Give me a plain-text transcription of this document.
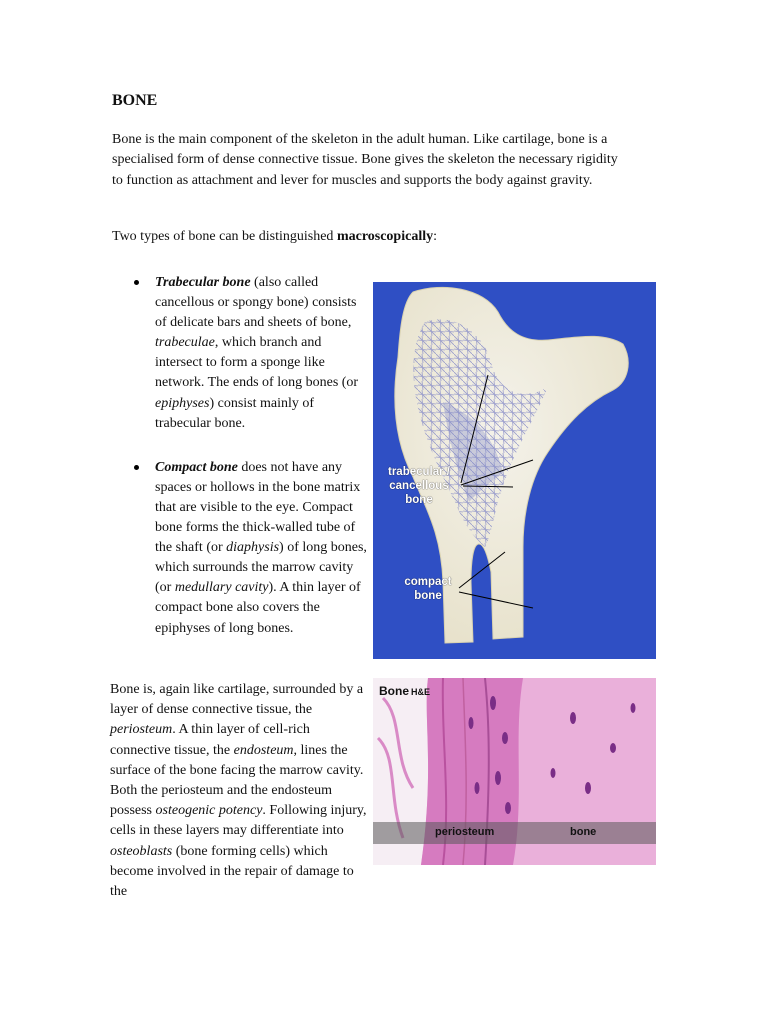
BONE

Bone is the main component of the skeleton in the adult human. Like cartilage, bone is a specialised form of dense connective tissue. Bone gives the skeleton the necessary rigidity to function as attachment and lever for muscles and supports the body against gravity.

Two types of bone can be distinguished macroscopically:

Trabecular bone (also called cancellous or spongy bone) consists of delicate bars and sheets of bone, trabeculae, which branch and intersect to form a sponge like network. The ends of long bones (or epiphyses) consist mainly of trabecular bone.
Compact bone does not have any spaces or hollows in the bone matrix that are visible to the eye. Compact bone forms the thick-walled tube of the shaft (or diaphysis) of long bones, which surrounds the marrow cavity (or medullary cavity). A thin layer of compact bone also covers the epiphyses of long bones.

Bone is, again like cartilage, surrounded by a layer of dense connective tissue, the periosteum. A thin layer of cell-rich connective tissue, the endosteum, lines the surface of the bone facing the marrow cavity. Both the periosteum and the endosteum possess osteogenic potency. Following injury, cells in these layers may differentiate into osteoblasts (bone forming cells) which become involved in the repair of damage to the

trabecular /
cancellous
bone
compact
bone
Bone H&E
periosteum	bone
